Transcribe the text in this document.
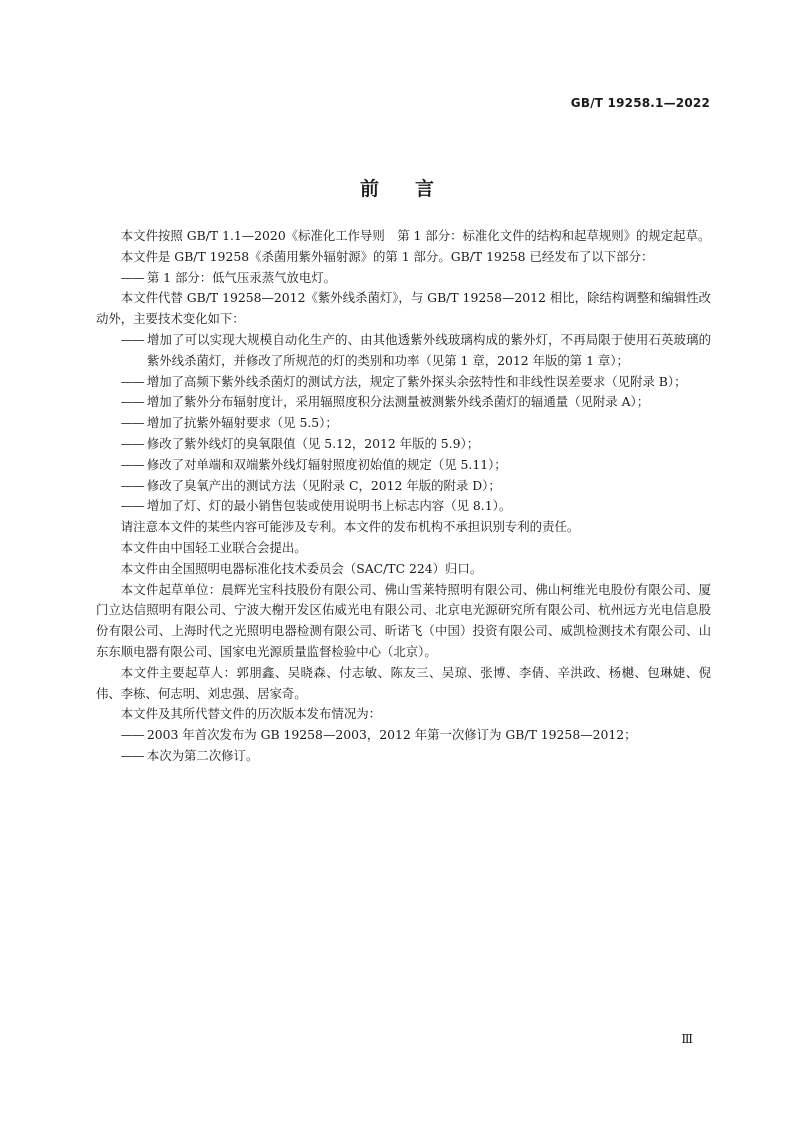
GB/T 19258.1—2022
前言

本文件按照 GB/T 1.1—2020《标准化工作导则　第 1 部分：标准化文件的结构和起草规则》的规定起草。

本文件是 GB/T 19258《杀菌用紫外辐射源》的第 1 部分。GB/T 19258 已经发布了以下部分：

—— 第 1 部分：低气压汞蒸气放电灯。

本文件代替 GB/T 19258—2012《紫外线杀菌灯》，与 GB/T 19258—2012 相比，除结构调整和编辑性改动外，主要技术变化如下：

—— 增加了可以实现大规模自动化生产的、由其他透紫外线玻璃构成的紫外灯，不再局限于使用石英玻璃的紫外线杀菌灯，并修改了所规范的灯的类别和功率（见第 1 章，2012 年版的第 1 章）；

—— 增加了高频下紫外线杀菌灯的测试方法，规定了紫外探头余弦特性和非线性误差要求（见附录 B）；

—— 增加了紫外分布辐射度计，采用辐照度积分法测量被测紫外线杀菌灯的辐通量（见附录 A）；

—— 增加了抗紫外辐射要求（见 5.5）；

—— 修改了紫外线灯的臭氧限值（见 5.12，2012 年版的 5.9）；

—— 修改了对单端和双端紫外线灯辐射照度初始值的规定（见 5.11）；

—— 修改了臭氧产出的测试方法（见附录 C，2012 年版的附录 D）；

—— 增加了灯、灯的最小销售包装或使用说明书上标志内容（见 8.1）。

请注意本文件的某些内容可能涉及专利。本文件的发布机构不承担识别专利的责任。

本文件由中国轻工业联合会提出。

本文件由全国照明电器标准化技术委员会（SAC/TC 224）归口。

本文件起草单位：晨辉光宝科技股份有限公司、佛山雪莱特照明有限公司、佛山柯维光电股份有限公司、厦门立达信照明有限公司、宁波大榭开发区佑威光电有限公司、北京电光源研究所有限公司、杭州远方光电信息股份有限公司、上海时代之光照明电器检测有限公司、昕诺飞（中国）投资有限公司、威凯检测技术有限公司、山东东顺电器有限公司、国家电光源质量监督检验中心（北京）。

本文件主要起草人：郭朋鑫、吴晓森、付志敏、陈友三、吴琼、张博、李倩、辛洪政、杨樾、包琳婕、倪伟、李栋、何志明、刘忠强、居家奇。

本文件及其所代替文件的历次版本发布情况为：

—— 2003 年首次发布为 GB 19258—2003，2012 年第一次修订为 GB/T 19258—2012；

—— 本次为第二次修订。

Ⅲ
